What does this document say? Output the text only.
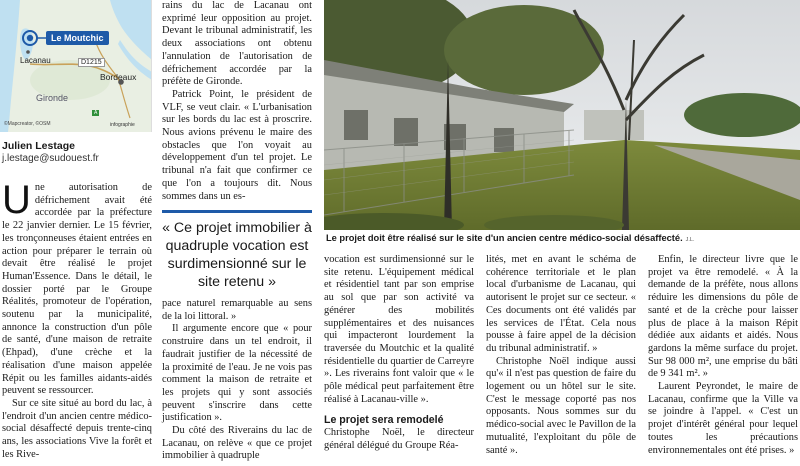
Le Moutchic
Lacanau	D1215
Bordeaux
Gironde
A
©Mapcreator, ©OSM	infographie
Julien Lestage
j.lestage@sudouest.fr

Une autorisation de défrichement avait été accordée par la préfecture le 22 janvier dernier. Le 15 février, les tronçonneuses étaient entrées en action pour préparer le terrain où devait être réalisé le projet Human'Essence. Dans le détail, le dossier porté par le Groupe Réalités, promoteur de l'opération, soutenu par la municipalité, annonce la construction d'un pôle de santé, d'une maison de retraite (Ehpad), d'une crèche et la réalisation d'une maison appelée Répit ou les familles aidants-aidés peuvent se ressourcer.

Sur ce site situé au bord du lac, à l'endroit d'un ancien centre médico-social désaffecté depuis trente-cinq ans, les associations Vive la forêt et les Rive-

rains du lac de Lacanau ont exprimé leur opposition au projet. Devant le tribunal administratif, les deux associations ont obtenu l'annulation de l'autorisation de défrichement accordée par la préfète de Gironde.

Patrick Point, le président de VLF, se veut clair. « L'urbanisation sur les bords du lac est à proscrire. Nous avions prévenu le maire des obstacles que l'on voyait au développement d'un tel projet. Le tribunal n'a fait que confirmer ce que l'on a toujours dit. Nous sommes dans un es-

« Ce projet immobilier à quadruple vocation est surdimensionné sur le site retenu »

pace naturel remarquable au sens de la loi littoral. »

Il argumente encore que « pour construire dans un tel endroit, il faudrait justifier de la nécessité de la proximité de l'eau. Je ne vois pas comment la maison de retraite et les projets qui y sont associés peuvent s'inscrire dans cette justification ».

Du côté des Riverains du lac de Lacanau, on relève « que ce projet immobilier à quadruple

Le projet doit être réalisé sur le site d'un ancien centre médico-social désaffecté. J.L.

vocation est surdimensionné sur le site retenu. L'équipement médical et résidentiel tant par son emprise au sol que par son activité va générer des mobilités supplémentaires et des nuisances qui impacteront lourdement la traversée du Moutchic et la qualité résidentielle du quartier de Carreyre ». Les riverains font valoir que « le pôle médical peut parfaitement être réalisé à Lacanau-ville ».

Le projet sera remodelé

Christophe Noël, le directeur général délégué du Groupe Réa-

lités, met en avant le schéma de cohérence territoriale et le plan local d'urbanisme de Lacanau, qui autorisent le projet sur ce secteur. « Ces documents ont été validés par les services de l'État. Cela nous pousse à faire appel de la décision du tribunal administratif. »

Christophe Noël indique aussi qu'« il n'est pas question de faire du logement ou un hôtel sur le site. C'est le message coporté pas nos opposants. Nous sommes sur du médico-social avec le Pavillon de la mutualité, l'exploitant du pôle de santé ».

Enfin, le directeur livre que le projet va être remodelé. « À la demande de la préfète, nous allons réduire les dimensions du pôle de santé et de la crèche pour laisser plus de place à la maison Répit dédiée aux aidants et aidés. Nous gardons la même surface du projet. Sur 98 000 m², une emprise du bâti de 9 341 m². »

Laurent Peyrondet, le maire de Lacanau, confirme que la Ville va se joindre à l'appel. « C'est un projet d'intérêt général pour lequel toutes les précautions environnementales ont été prises. »
